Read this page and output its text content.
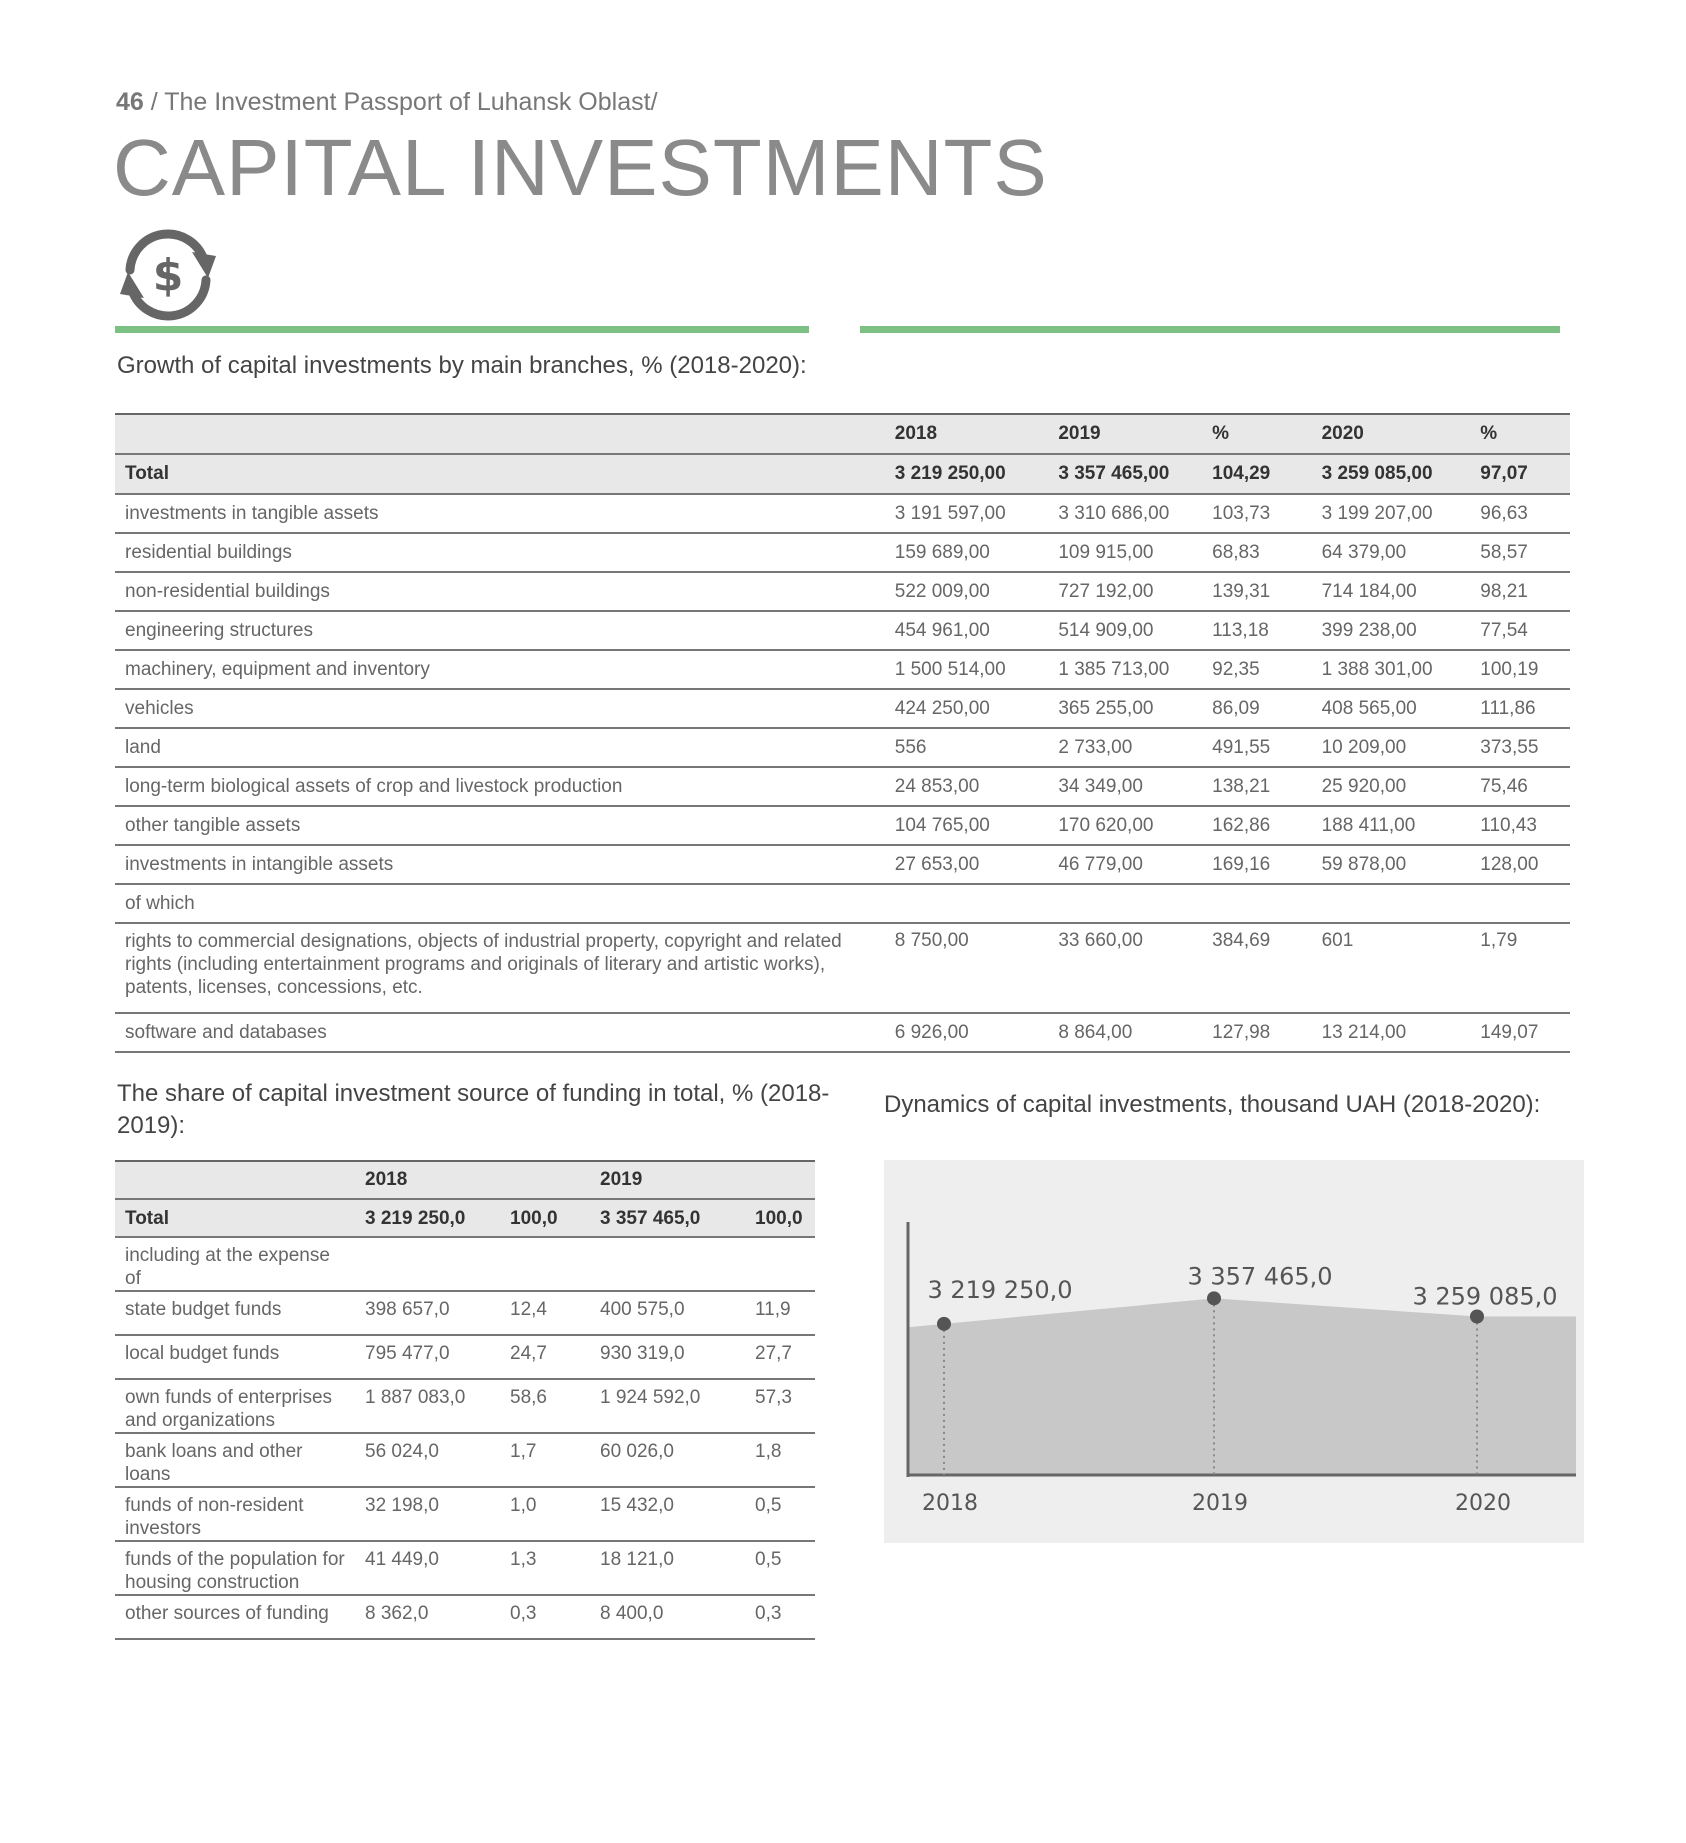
46 / The Investment Passport of Luhansk Oblast/
CAPITAL INVESTMENTS
$
Growth of capital investments by main branches, % (2018-2020):
	2018	2019	%	2020	%
Total	3 219 250,00	3 357 465,00	104,29	3 259 085,00	97,07
investments in tangible assets	3 191 597,00	3 310 686,00	103,73	3 199 207,00	96,63
residential buildings	159 689,00	109 915,00	68,83	64 379,00	58,57
non-residential buildings	522 009,00	727 192,00	139,31	714 184,00	98,21
engineering structures	454 961,00	514 909,00	113,18	399 238,00	77,54
machinery, equipment and inventory	1 500 514,00	1 385 713,00	92,35	1 388 301,00	100,19
vehicles	424 250,00	365 255,00	86,09	408 565,00	111,86
land	556	2 733,00	491,55	10 209,00	373,55
long-term biological assets of crop and livestock production	24 853,00	34 349,00	138,21	25 920,00	75,46
other tangible assets	104 765,00	170 620,00	162,86	188 411,00	110,43
investments in intangible assets	27 653,00	46 779,00	169,16	59 878,00	128,00
of which					
rights to commercial designations, objects of industrial property, copyright and related rights (including entertainment programs and originals of literary and artistic works), patents, licenses, concessions, etc.	8 750,00	33 660,00	384,69	601	1,79
software and databases	6 926,00	8 864,00	127,98	13 214,00	149,07
The share of capital investment source of funding in total, % (2018-2019):
	2018		2019	
Total	3 219 250,0	100,0	3 357 465,0	100,0
including at the expense of				
state budget funds	398 657,0	12,4	400 575,0	11,9
local budget funds	795 477,0	24,7	930 319,0	27,7
own funds of enterprises and organizations	1 887 083,0	58,6	1 924 592,0	57,3
bank loans and other loans	56 024,0	1,7	60 026,0	1,8
funds of non-resident investors	32 198,0	1,0	15 432,0	0,5
funds of the population for housing construction	41 449,0	1,3	18 121,0	0,5
other sources of funding	8 362,0	0,3	8 400,0	0,3
Dynamics of capital investments, thousand UAH (2018-2020):
3 219 250,0
2018
3 357 465,0
2019
3 259 085,0
2020
